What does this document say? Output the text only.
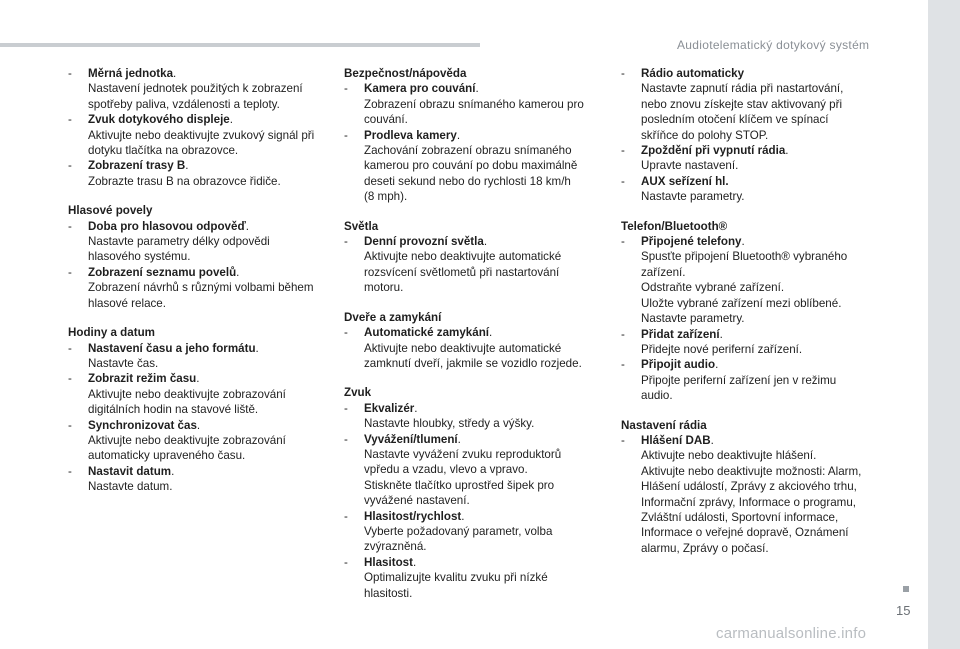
Audiotelematický dotykový systém
- Měrná jednotka.
Nastavení jednotek použitých k zobrazení
spotřeby paliva, vzdálenosti a teploty.
- Zvuk dotykového displeje.
Aktivujte nebo deaktivujte zvukový signál při
dotyku tlačítka na obrazovce.
- Zobrazení trasy B.
Zobrazte trasu B na obrazovce řidiče.
Hlasové povely
- Doba pro hlasovou odpověď.
Nastavte parametry délky odpovědi
hlasového systému.
- Zobrazení seznamu povelů.
Zobrazení návrhů s různými volbami během
hlasové relace.
Hodiny a datum
- Nastavení času a jeho formátu.
Nastavte čas.
- Zobrazit režim času.
Aktivujte nebo deaktivujte zobrazování
digitálních hodin na stavové liště.
- Synchronizovat čas.
Aktivujte nebo deaktivujte zobrazování
automaticky upraveného času.
- Nastavit datum.
Nastavte datum.
Bezpečnost/nápověda
- Kamera pro couvání.
Zobrazení obrazu snímaného kamerou pro
couvání.
- Prodleva kamery.
Zachování zobrazení obrazu snímaného
kamerou pro couvání po dobu maximálně
deseti sekund nebo do rychlosti 18 km/h
(8 mph).
Světla
- Denní provozní světla.
Aktivujte nebo deaktivujte automatické
rozsvícení světlometů při nastartování
motoru.
Dveře a zamykání
- Automatické zamykání.
Aktivujte nebo deaktivujte automatické
zamknutí dveří, jakmile se vozidlo rozjede.
Zvuk
- Ekvalizér.
Nastavte hloubky, středy a výšky.
- Vyvážení/tlumení.
Nastavte vyvážení zvuku reproduktorů
vpředu a vzadu, vlevo a vpravo.
Stiskněte tlačítko uprostřed šipek pro
vyvážené nastavení.
- Hlasitost/rychlost.
Vyberte požadovaný parametr, volba
zvýrazněná.
- Hlasitost.
Optimalizujte kvalitu zvuku při nízké
hlasitosti.
- Rádio automaticky
Nastavte zapnutí rádia při nastartování,
nebo znovu získejte stav aktivovaný při
posledním otočení klíčem ve spínací
skříňce do polohy STOP.
- Zpoždění při vypnutí rádia.
Upravte nastavení.
- AUX seřízení hl.
Nastavte parametry.
Telefon/Bluetooth®
- Připojené telefony.
Spusťte připojení Bluetooth® vybraného
zařízení.
Odstraňte vybrané zařízení.
Uložte vybrané zařízení mezi oblíbené.
Nastavte parametry.
- Přidat zařízení.
Přidejte nové periferní zařízení.
- Připojit audio.
Připojte periferní zařízení jen v režimu
audio.
Nastavení rádia
- Hlášení DAB.
Aktivujte nebo deaktivujte hlášení.
Aktivujte nebo deaktivujte možnosti: Alarm,
Hlášení událostí, Zprávy z akciového trhu,
Informační zprávy, Informace o programu,
Zvláštní události, Sportovní informace,
Informace o veřejné dopravě, Oznámení
alarmu, Zprávy o počasí.
15
carmanualsonline.info
